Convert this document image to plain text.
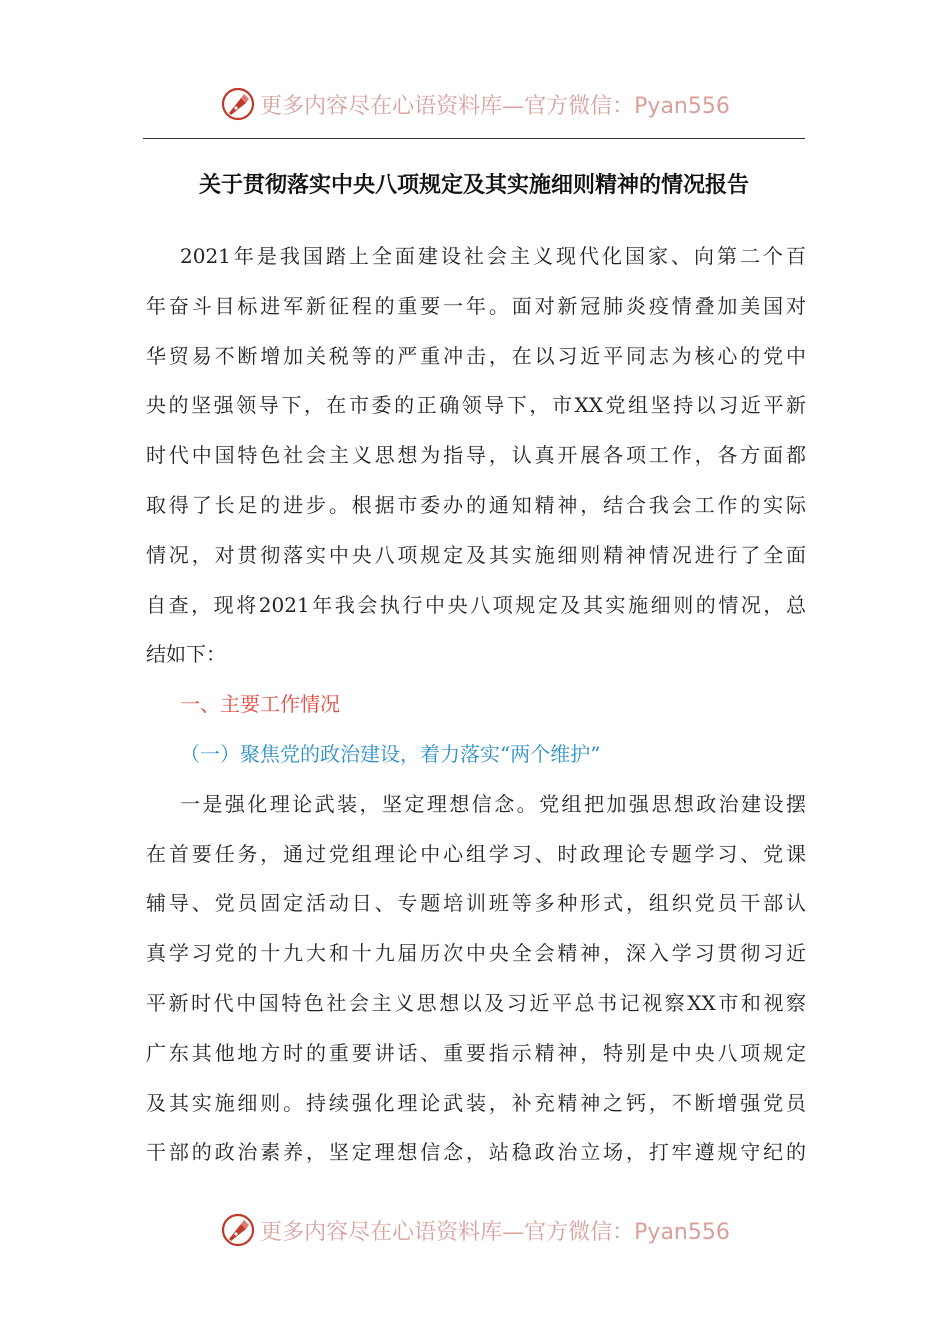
更多内容尽在心语资料库—官方微信：Pyan556
关于贯彻落实中央八项规定及其实施细则精神的情况报告
2021年是我国踏上全面建设社会主义现代化国家、向第二个百
年奋斗目标进军新征程的重要一年。面对新冠肺炎疫情叠加美国对
华贸易不断增加关税等的严重冲击，在以习近平同志为核心的党中
央的坚强领导下，在市委的正确领导下，市XX党组坚持以习近平新
时代中国特色社会主义思想为指导，认真开展各项工作，各方面都
取得了长足的进步。根据市委办的通知精神，结合我会工作的实际
情况，对贯彻落实中央八项规定及其实施细则精神情况进行了全面
自查，现将2021年我会执行中央八项规定及其实施细则的情况，总
结如下：
一、主要工作情况
（一）聚焦党的政治建设，着力落实“两个维护”
一是强化理论武装，坚定理想信念。党组把加强思想政治建设摆
在首要任务，通过党组理论中心组学习、时政理论专题学习、党课
辅导、党员固定活动日、专题培训班等多种形式，组织党员干部认
真学习党的十九大和十九届历次中央全会精神，深入学习贯彻习近
平新时代中国特色社会主义思想以及习近平总书记视察XX市和视察
广东其他地方时的重要讲话、重要指示精神，特别是中央八项规定
及其实施细则。持续强化理论武装，补充精神之钙，不断增强党员
干部的政治素养，坚定理想信念，站稳政治立场，打牢遵规守纪的
更多内容尽在心语资料库—官方微信：Pyan556
